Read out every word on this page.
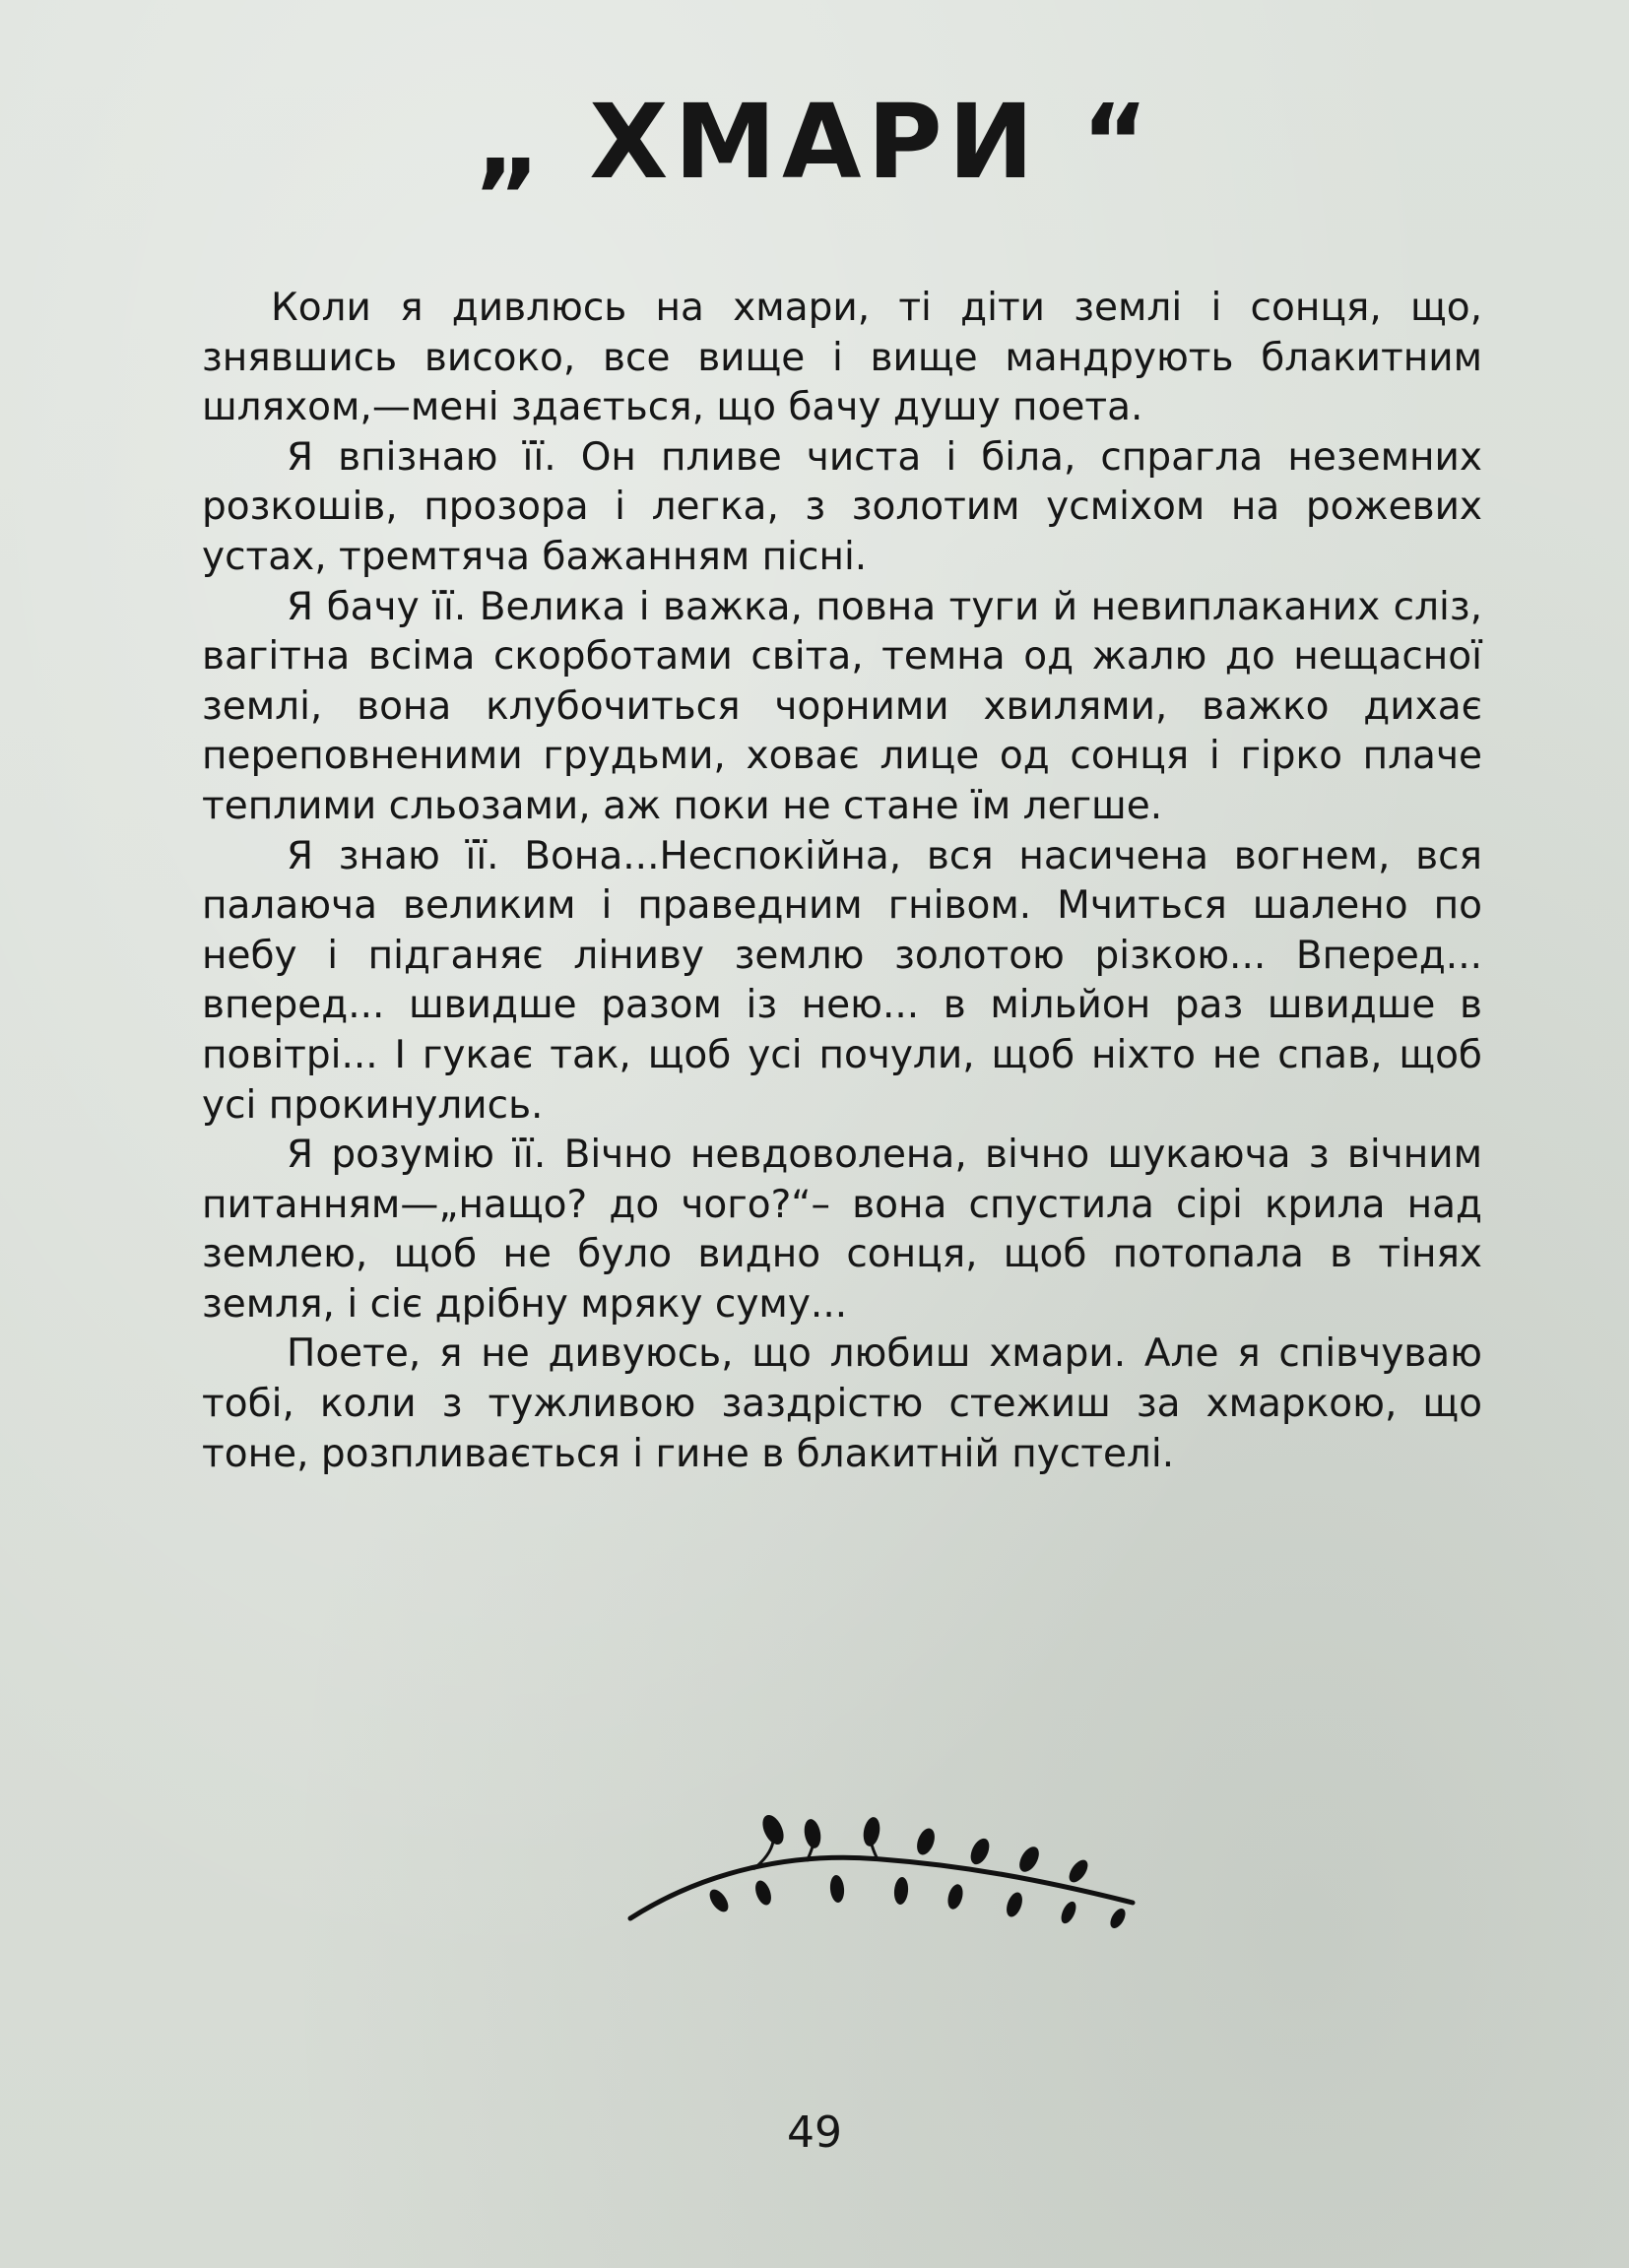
„ ХМАРИ “

Коли я дивлюсь на хмари, ті діти землі і сонця, що, знявшись високо, все вище і вище мандрують блакитним шляхом,—мені здається, що бачу душу поета.

Я впізнаю її. Он пливе чиста і біла, спрагла неземних розкошів, прозора і легка, з золотим усміхом на рожевих устах, тремтяча бажанням пісні.

Я бачу її. Велика і важка, повна туги й невиплаканих сліз, вагітна всіма скорботами світа, темна од жалю до нещасної землі, вона клубочиться чорними хвилями, важко дихає переповненими грудьми, ховає лице од сонця і гірко плаче теплими сльозами, аж поки не стане їм легше.

Я знаю її. Вона...Неспокійна, вся насичена вогнем, вся палаюча великим і праведним гнівом. Мчиться шалено по небу і підганяє ліниву землю золотою різкою... Вперед... вперед... швидше разом із нею... в мільйон раз швидше в повітрі... І гукає так, щоб усі почули, щоб ніхто не спав, щоб усі прокинулись.

Я розумію її. Вічно невдоволена, вічно шукаюча з вічним питанням—„нащо? до чого?“– вона спустила сірі крила над землею, щоб не було видно сонця, щоб потопала в тінях земля, і сіє дрібну мряку суму...

Поете, я не дивуюсь, що любиш хмари. Але я співчуваю тобі, коли з тужливою заздрістю стежиш за хмаркою, що тоне, розпливається і гине в блакитній пустелі.

49
